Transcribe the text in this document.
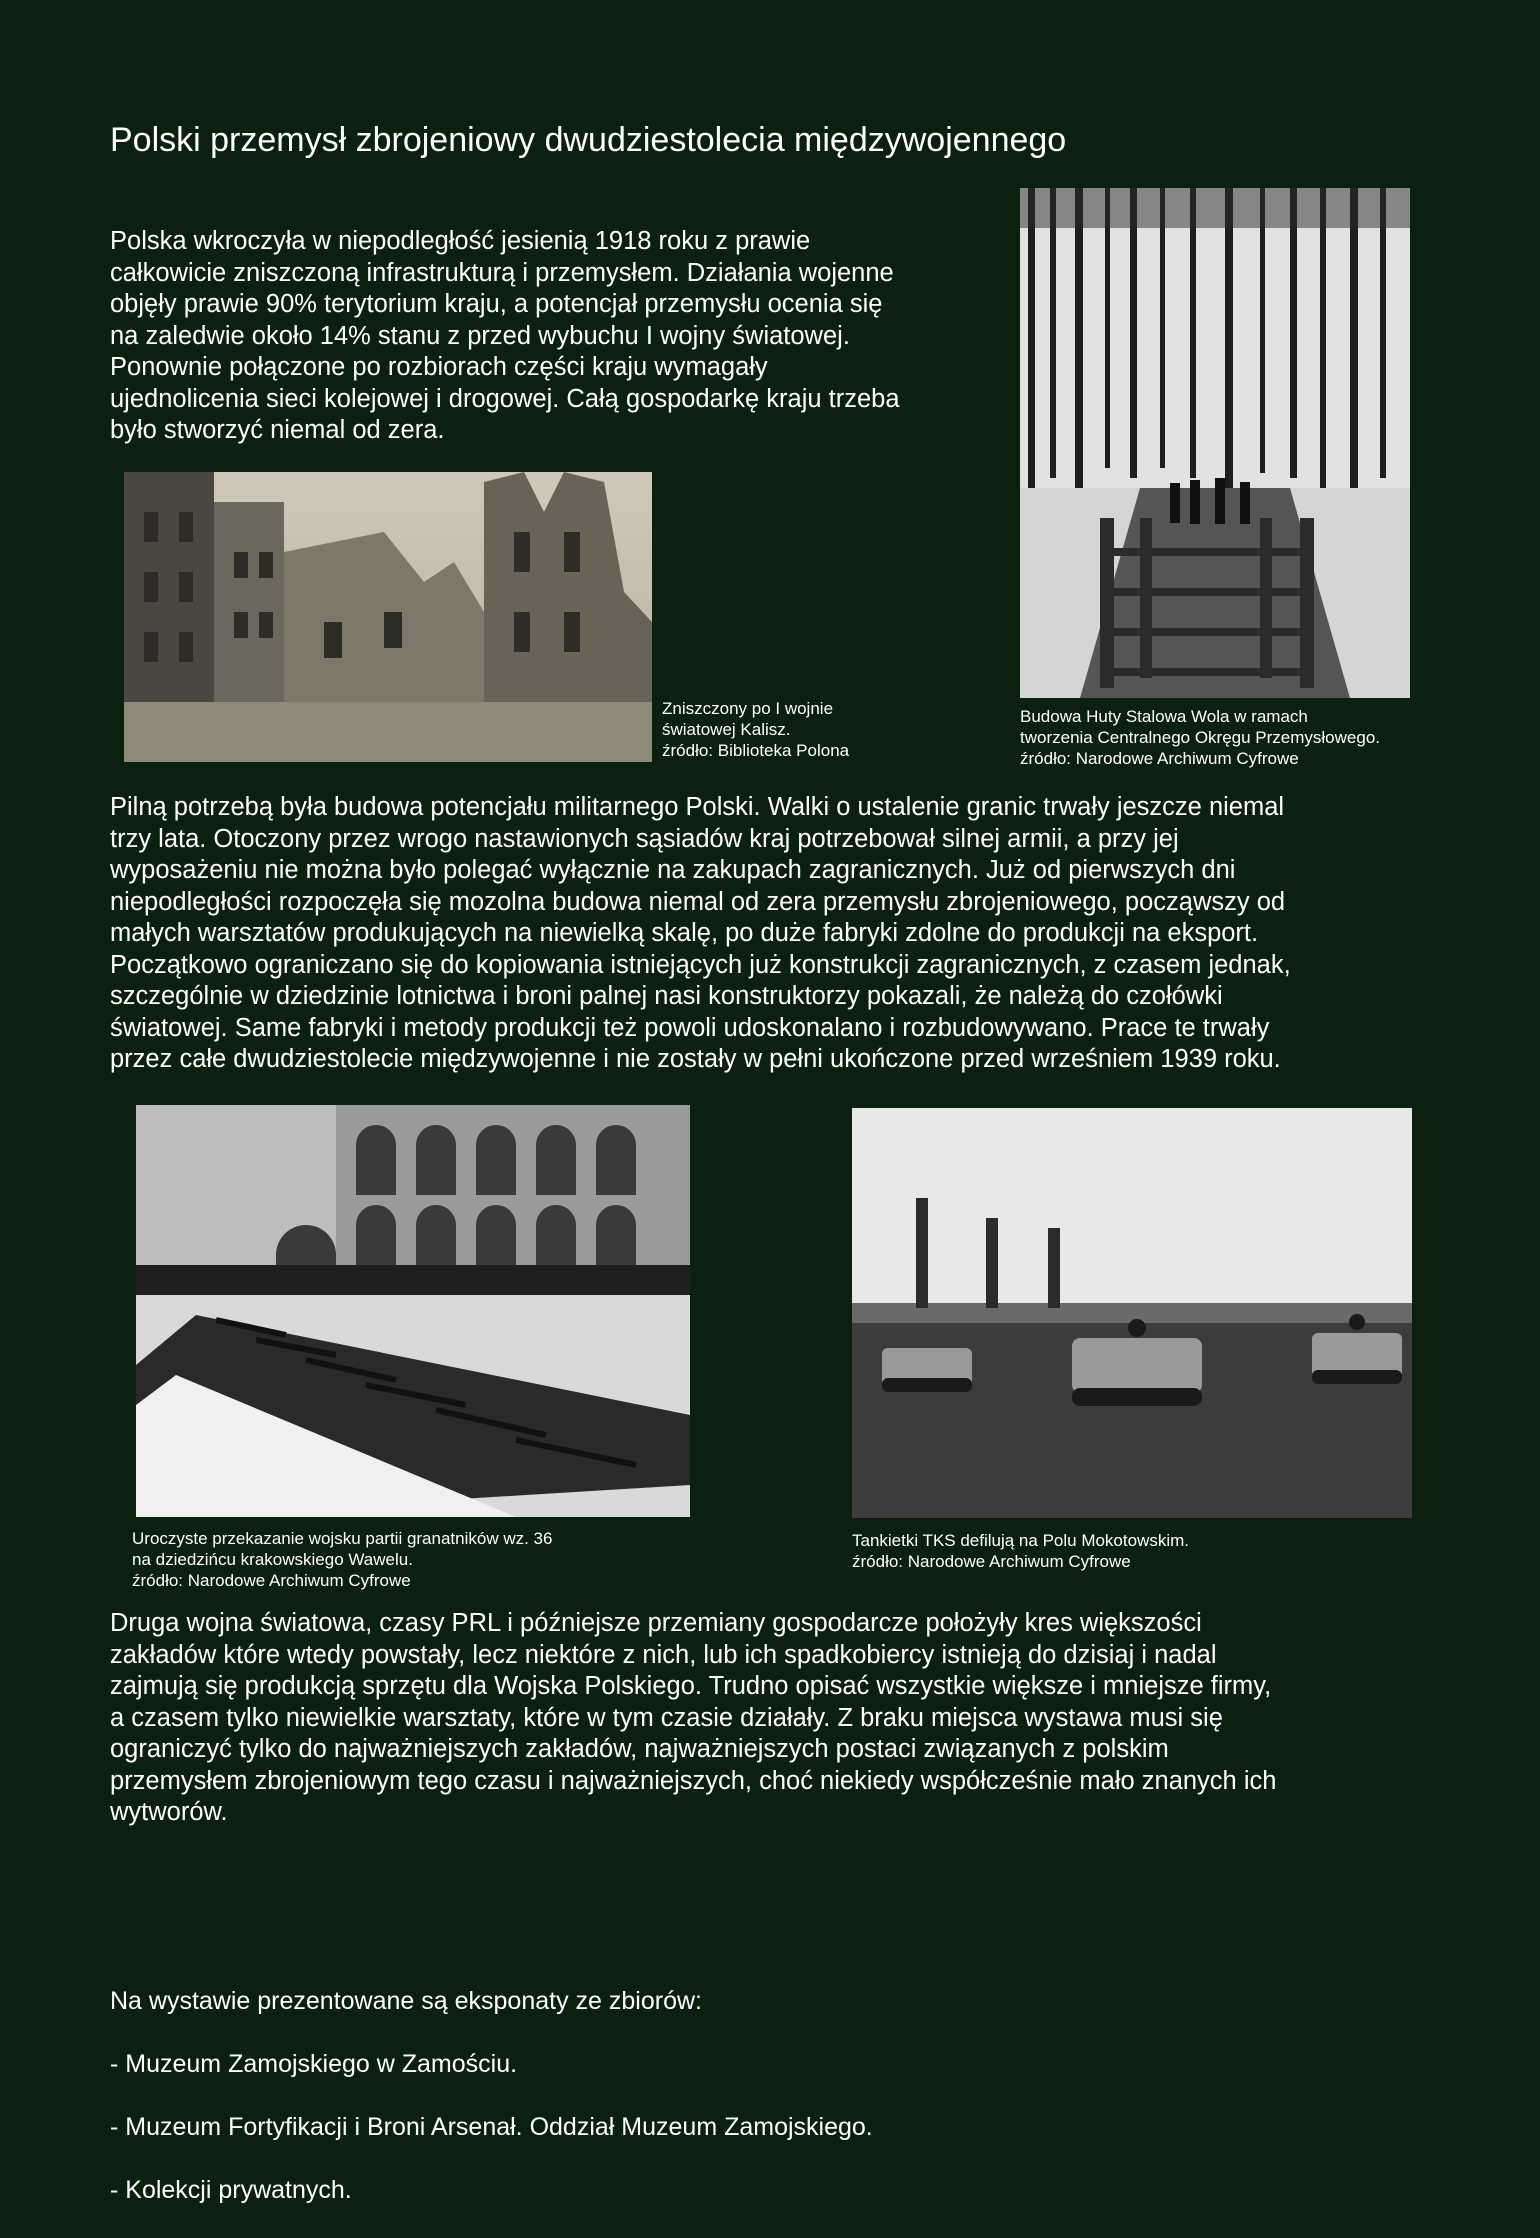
Polski przemysł zbrojeniowy dwudziestolecia międzywojennego
Polska wkroczyła w niepodległość jesienią 1918 roku z prawie
całkowicie zniszczoną infrastrukturą i przemysłem. Działania wojenne
objęły prawie 90% terytorium kraju, a potencjał przemysłu ocenia się
na zaledwie około 14% stanu z przed wybuchu I wojny światowej.
Ponownie połączone po rozbiorach części kraju wymagały
ujednolicenia sieci kolejowej i drogowej. Całą gospodarkę kraju trzeba
było stworzyć niemal od zera.
Zniszczony po I wojnie
światowej Kalisz.
źródło: Biblioteka Polona
Budowa Huty Stalowa Wola w ramach
tworzenia Centralnego Okręgu Przemysłowego.
źródło: Narodowe Archiwum Cyfrowe
Pilną potrzebą była budowa potencjału militarnego Polski. Walki o ustalenie granic trwały jeszcze niemal
trzy lata. Otoczony przez wrogo nastawionych sąsiadów kraj potrzebował silnej armii, a przy jej
wyposażeniu nie można było polegać wyłącznie na zakupach zagranicznych. Już od pierwszych dni
niepodległości rozpoczęła się mozolna budowa niemal od zera przemysłu zbrojeniowego, począwszy od
małych warsztatów produkujących na niewielką skalę, po duże fabryki zdolne do produkcji na eksport.
Początkowo ograniczano się do kopiowania istniejących już konstrukcji zagranicznych, z czasem jednak,
szczególnie w dziedzinie lotnictwa i broni palnej nasi konstruktorzy pokazali, że należą do czołówki
światowej. Same fabryki i metody produkcji też powoli udoskonalano i rozbudowywano. Prace te trwały
przez całe dwudziestolecie międzywojenne i nie zostały w pełni ukończone przed wrześniem 1939 roku.
Uroczyste przekazanie wojsku partii granatników wz. 36
na dziedzińcu krakowskiego Wawelu.
źródło: Narodowe Archiwum Cyfrowe
Tankietki TKS defilują na Polu Mokotowskim.
źródło: Narodowe Archiwum Cyfrowe
Druga wojna światowa, czasy PRL i późniejsze przemiany gospodarcze położyły kres większości
zakładów które wtedy powstały, lecz niektóre z nich, lub ich spadkobiercy istnieją do dzisiaj i nadal
zajmują się produkcją sprzętu dla Wojska Polskiego. Trudno opisać wszystkie większe i mniejsze firmy,
a czasem tylko niewielkie warsztaty, które w tym czasie działały. Z braku miejsca wystawa musi się
ograniczyć tylko do najważniejszych zakładów, najważniejszych postaci związanych z polskim
przemysłem zbrojeniowym tego czasu i najważniejszych, choć niekiedy współcześnie mało znanych ich
wytworów.

Na wystawie prezentowane są eksponaty ze zbiorów:

- Muzeum Zamojskiego w Zamościu.

- Muzeum Fortyfikacji i Broni Arsenał. Oddział Muzeum Zamojskiego.

- Kolekcji prywatnych.
